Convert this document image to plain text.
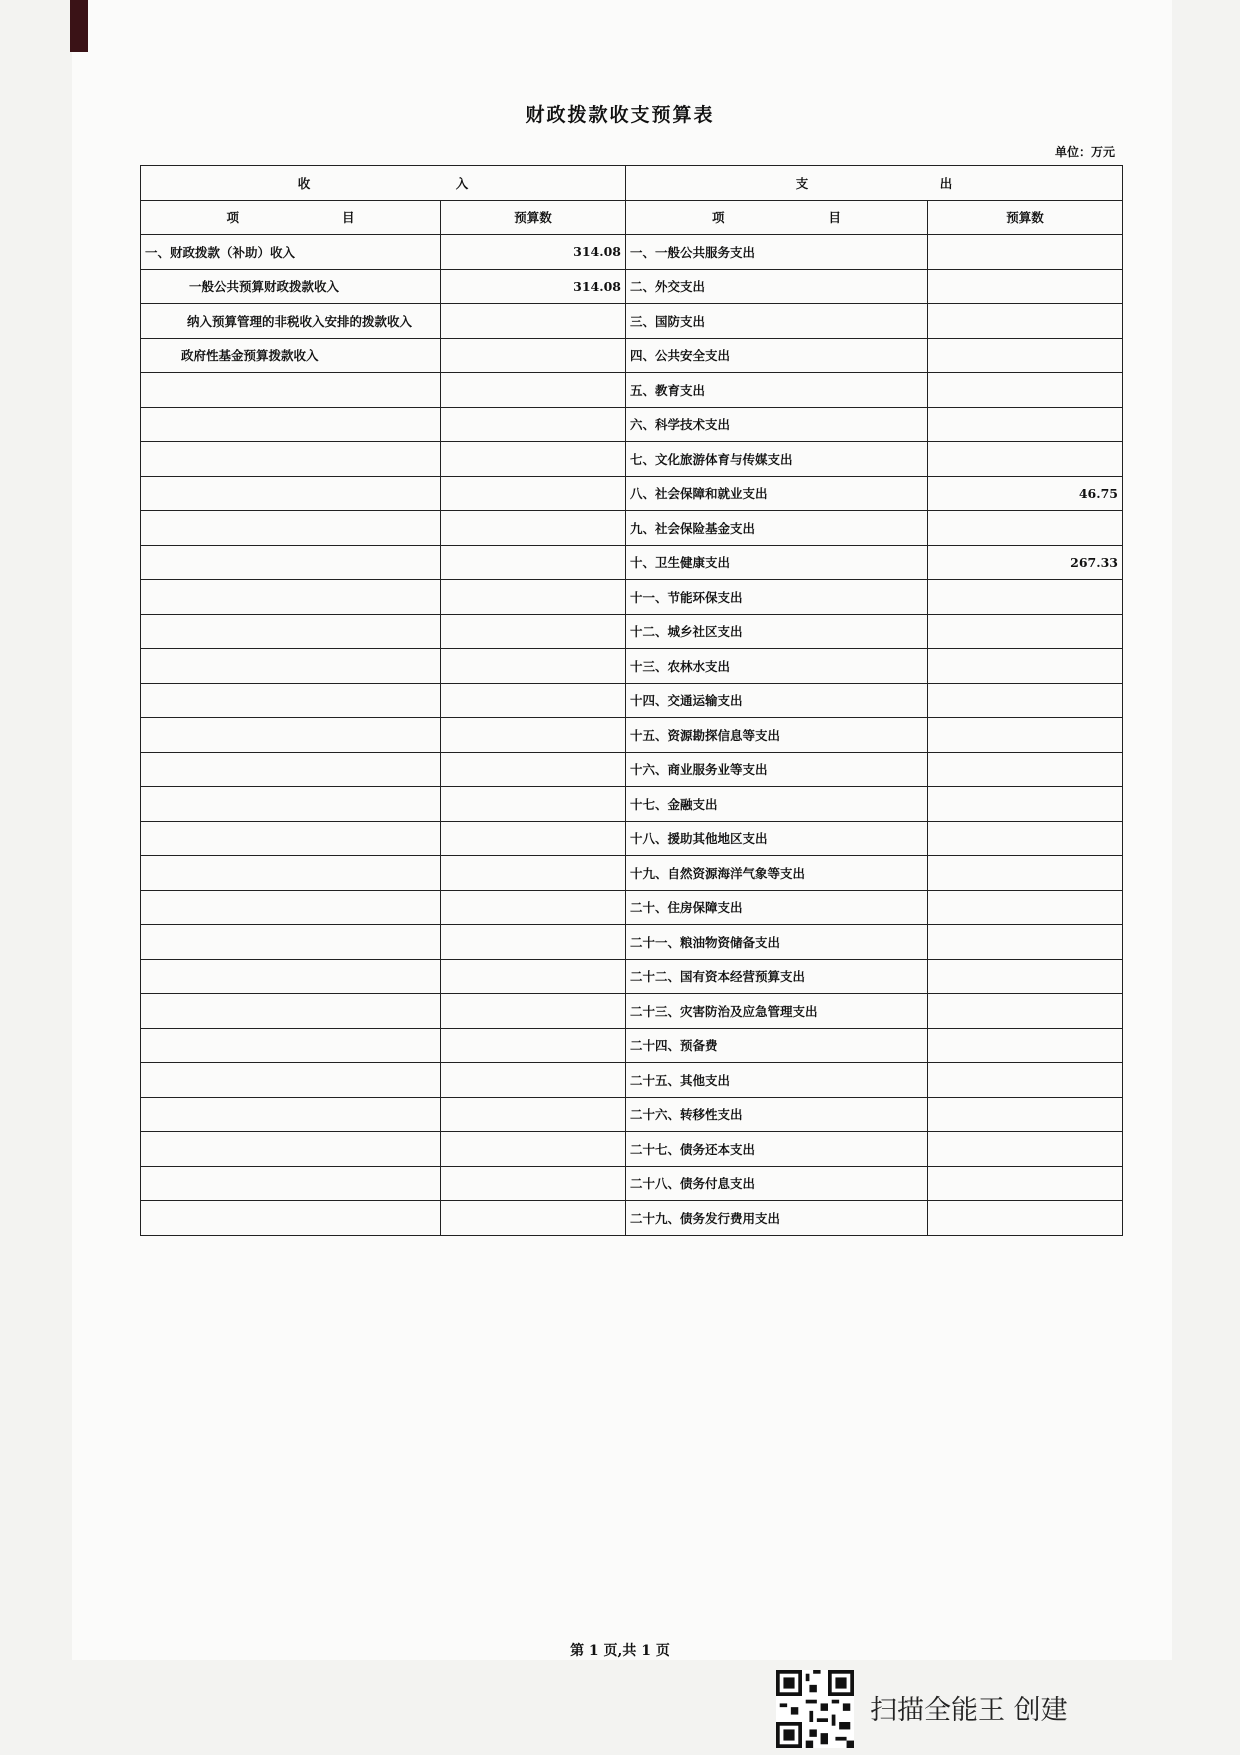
财政拨款收支预算表
单位：万元
收 入		支 出	

项 目	预算数	项 目	预算数
一、财政拨款（补助）收入	314.08	一、一般公共服务支出	
一般公共预算财政拨款收入	314.08	二、外交支出	
纳入预算管理的非税收入安排的拨款收入		三、国防支出	
政府性基金预算拨款收入		四、公共安全支出	
		五、教育支出	
		六、科学技术支出	
		七、文化旅游体育与传媒支出	
		八、社会保障和就业支出	46.75
		九、社会保险基金支出	
		十、卫生健康支出	267.33
		十一、节能环保支出	
		十二、城乡社区支出	
		十三、农林水支出	
		十四、交通运输支出	
		十五、资源勘探信息等支出	
		十六、商业服务业等支出	
		十七、金融支出	
		十八、援助其他地区支出	
		十九、自然资源海洋气象等支出	
		二十、住房保障支出	
		二十一、粮油物资储备支出	
		二十二、国有资本经营预算支出	
		二十三、灾害防治及应急管理支出	
		二十四、预备费	
		二十五、其他支出	
		二十六、转移性支出	
		二十七、债务还本支出	
		二十八、债务付息支出	
		二十九、债务发行费用支出	
第 1 页,共 1 页
扫描全能王 创建
